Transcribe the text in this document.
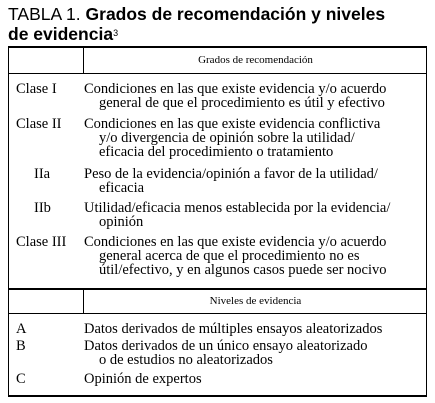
TABLA 1. Grados de recomendación y niveles
de evidencia$^3$
Grados de recomendación
Clase I Condiciones en las que existe evidencia y/o acuerdo
general de que el procedimiento es útil y efectivo
Clase II Condiciones en las que existe evidencia conflictiva
y/o divergencia de opinión sobre la utilidad/
eficacia del procedimiento o tratamiento
IIa Peso de la evidencia/opinión a favor de la utilidad/
eficacia
IIb Utilidad/eficacia menos establecida por la evidencia/
opinión
Clase III Condiciones en las que existe evidencia y/o acuerdo
general acerca de que el procedimiento no es
útil/efectivo, y en algunos casos puede ser nocivo
Niveles de evidencia
A	Datos derivados de múltiples ensayos aleatorizados
B	Datos derivados de un único ensayo aleatorizado
o de estudios no aleatorizados
C	Opinión de expertos
